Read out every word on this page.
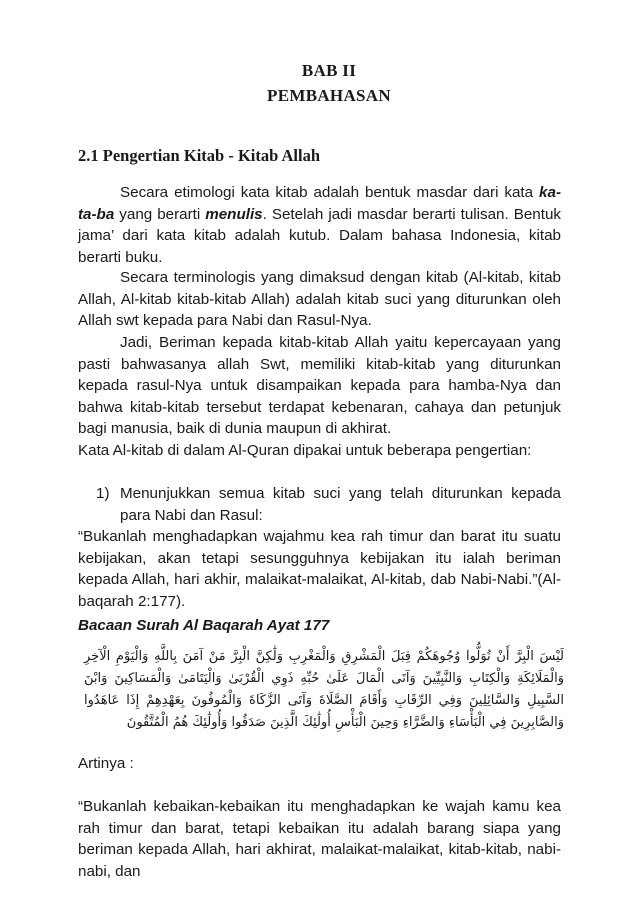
BAB II
PEMBAHASAN
2.1 Pengertian Kitab - Kitab Allah
Secara etimologi kata kitab adalah bentuk masdar dari kata ka-ta-ba yang berarti menulis. Setelah jadi masdar berarti tulisan. Bentuk jama’ dari kata kitab adalah kutub. Dalam bahasa Indonesia, kitab berarti buku.
Secara terminologis yang dimaksud dengan kitab (Al-kitab, kitab Allah, Al-kitab kitab-kitab Allah) adalah kitab suci yang diturunkan oleh Allah swt kepada para Nabi dan Rasul-Nya.
Jadi, Beriman kepada kitab-kitab Allah yaitu kepercayaan yang pasti bahwasanya allah Swt, memiliki kitab-kitab yang diturunkan kepada rasul-Nya untuk disampaikan kepada para hamba-Nya dan bahwa kitab-kitab tersebut terdapat kebenaran, cahaya dan petunjuk bagi manusia, baik di dunia maupun di akhirat.
Kata Al-kitab di dalam Al-Quran dipakai untuk beberapa pengertian:
1) Menunjukkan semua kitab suci yang telah diturunkan kepada para Nabi dan Rasul:
“Bukanlah menghadapkan wajahmu kea rah timur dan barat itu suatu kebijakan, akan tetapi sesungguhnya kebijakan itu ialah beriman kepada Allah, hari akhir, malaikat-malaikat, Al-kitab, dab Nabi-Nabi.”(Al-baqarah 2:177).
Bacaan Surah Al Baqarah Ayat 177
لَيْسَ الْبِرَّ أَنْ تُوَلُّوا وُجُوهَكُمْ قِبَلَ الْمَشْرِقِ وَالْمَغْرِبِ وَلَٰكِنَّ الْبِرَّ مَنْ آمَنَ بِاللَّهِ وَالْيَوْمِ الْآخِرِ وَالْمَلَائِكَةِ وَالْكِتَابِ وَالنَّبِيِّينَ وَآتَى الْمَالَ عَلَىٰ حُبِّهِ ذَوِي الْقُرْبَىٰ وَالْيَتَامَىٰ وَالْمَسَاكِينَ وَابْنَ السَّبِيلِ وَالسَّائِلِينَ وَفِي الرِّقَابِ وَأَقَامَ الصَّلَاةَ وَآتَى الزَّكَاةَ وَالْمُوفُونَ بِعَهْدِهِمْ إِذَا عَاهَدُوا وَالصَّابِرِينَ فِي الْبَأْسَاءِ وَالضَّرَّاءِ وَحِينَ الْبَأْسِ أُولَٰئِكَ الَّذِينَ صَدَقُوا وَأُولَٰئِكَ هُمُ الْمُتَّقُونَ
Artinya :
“Bukanlah kebaikan-kebaikan itu menghadapkan ke wajah kamu kea rah timur dan barat, tetapi kebaikan itu adalah barang siapa yang beriman kepada Allah, hari akhirat, malaikat-malaikat, kitab-kitab, nabi-nabi, dan
